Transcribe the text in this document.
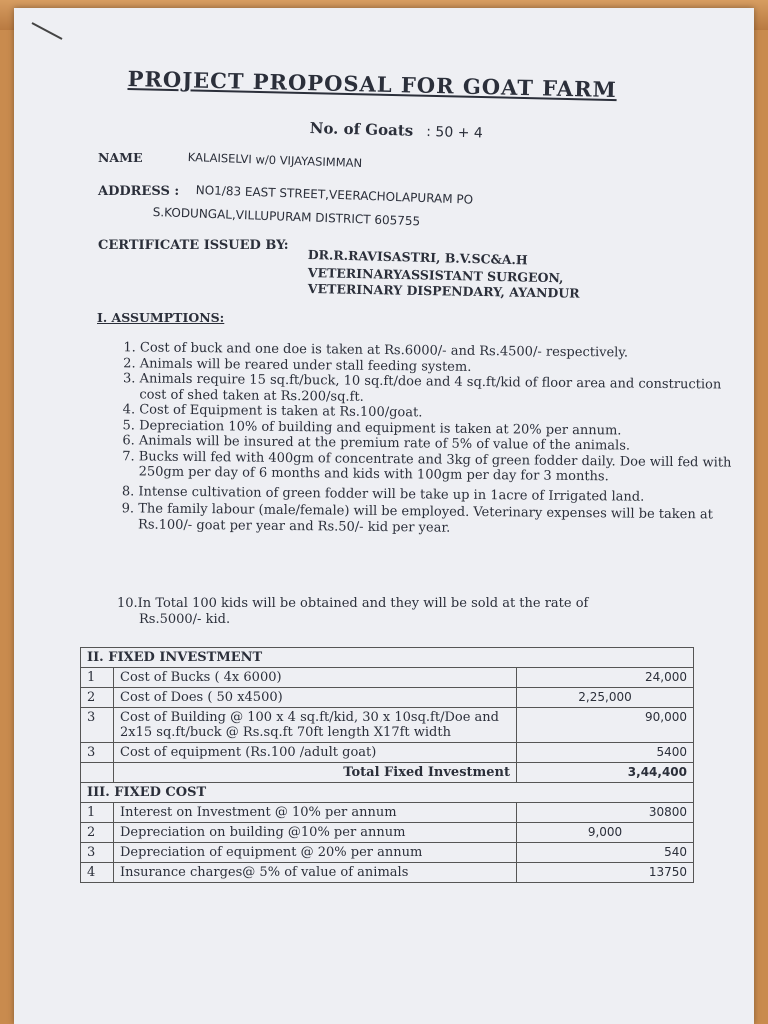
PROJECT PROPOSAL FOR GOAT FARM
No. of Goats : 50 + 4
NAME	KALAISELVI w/0 VIJAYASIMMAN
ADDRESS : NO1/83 EAST STREET,VEERACHOLAPURAM PO
S.KODUNGAL,VILLUPURAM DISTRICT 605755
CERTIFICATE ISSUED BY:
DR.R.RAVISASTRI, B.V.SC&A.H
VETERINARYASSISTANT SURGEON,
VETERINARY DISPENDARY, AYANDUR
I. ASSUMPTIONS:
1. Cost of buck and one doe is taken at Rs.6000/- and Rs.4500/- respectively.
2. Animals will be reared under stall feeding system.
3. Animals require 15 sq.ft/buck, 10 sq.ft/doe and 4 sq.ft/kid of floor area and construction cost of shed taken at Rs.200/sq.ft.
4. Cost of Equipment is taken at Rs.100/goat.
5. Depreciation 10% of building and equipment is taken at 20% per annum.
6. Animals will be insured at the premium rate of 5% of value of the animals.
7. Bucks will fed with 400gm of concentrate and 3kg of green fodder daily. Doe will fed with 250gm per day of 6 months and kids with 100gm per day for 3 months.
8. Intense cultivation of green fodder will be take up in 1acre of Irrigated land.
9. The family labour (male/female) will be employed. Veterinary expenses will be taken at Rs.100/- goat per year and Rs.50/- kid per year.
10.In Total 100 kids will be obtained and they will be sold at the rate of
Rs.5000/- kid.
II. FIXED INVESTMENT		
1	Cost of Bucks ( 4x 6000)	24,000
2	Cost of Does ( 50 x4500)	2,25,000
3	Cost of Building @ 100 x 4 sq.ft/kid, 30 x 10sq.ft/Doe and 2x15 sq.ft/buck @ Rs.sq.ft 70ft length X17ft width	90,000
3	Cost of equipment (Rs.100 /adult goat)	5400
	Total Fixed Investment	3,44,400
III. FIXED COST		
1	Interest on Investment @ 10% per annum	30800
2	Depreciation on building @10% per annum	9,000
3	Depreciation of equipment @ 20% per annum	540
4	Insurance charges@ 5% of value of animals	13750
